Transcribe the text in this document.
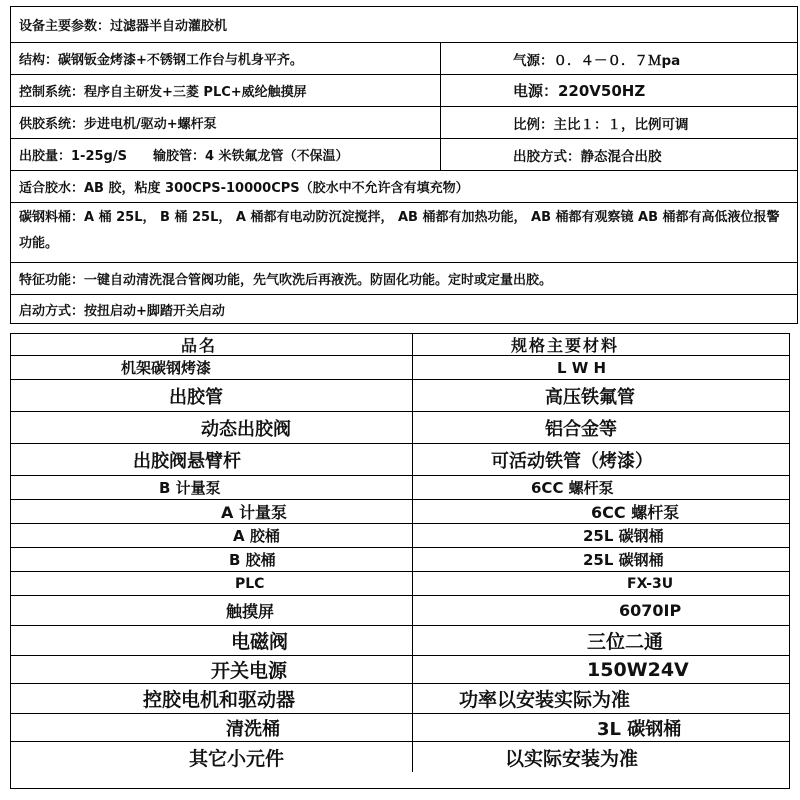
设备主要参数：过滤器半自动灌胶机
结构：碳钢钣金烤漆+不锈钢工作台与机身平齐。	气源：０．４－０．７Ｍpa
控制系统：程序自主研发+三菱 PLC+威纶触摸屏	电源：220V50HZ
供胶系统：步进电机/驱动+螺杆泵	比例：主比１：１，比例可调
出胶量：1-25g/S　　输胶管：4 米铁氟龙管（不保温）	出胶方式：静态混合出胶
适合胶水：AB 胶，粘度 300CPS-10000CPS（胶水中不允许含有填充物）
碳钢料桶：A 桶 25L， B 桶 25L， A 桶都有电动防沉淀搅拌， AB 桶都有加热功能， AB 桶都有观察镜 AB 桶都有高低液位报警功能。
特征功能：一键自动清洗混合管阀功能，先气吹洗后再液洗。防固化功能。定时或定量出胶。
启动方式：按扭启动+脚踏开关启动
品名	规格主要材料
机架碳钢烤漆	L W H
出胶管	高压铁氟管
动态出胶阀	铝合金等
出胶阀悬臂杆	可活动铁管（烤漆）
B 计量泵	6CC 螺杆泵
A 计量泵	6CC 螺杆泵
A 胶桶	25L 碳钢桶
B 胶桶	25L 碳钢桶
PLC	FX-3U
触摸屏	6070IP
电磁阀	三位二通
开关电源	150W24V
控胶电机和驱动器	功率以安装实际为准
清洗桶	3L 碳钢桶
其它小元件	以实际安装为准
